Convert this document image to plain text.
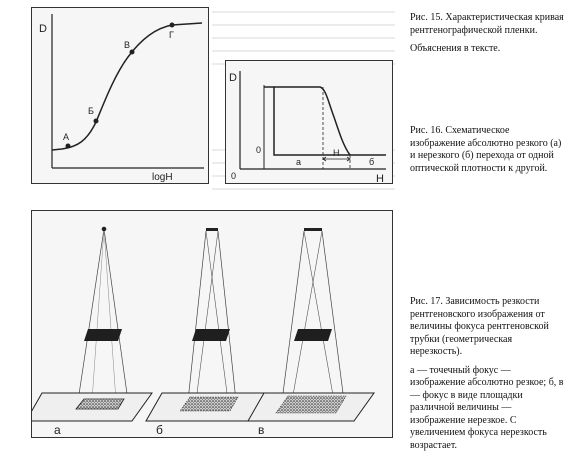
D
logH
А
Б
В
Г
D
H
0
0
а	б
Н
а	б	в

Рис. 15. Характеристическая кривая рентгенографической пленки.

Объяснения в тексте.

Рис. 16. Схематическое изображение абсолютно резкого (а) и нерезкого (б) перехода от одной оптической плотности к другой.

Рис. 17. Зависимость резкости рентгеновского изображения от величины фокуса рентгеновской трубки (геометрическая нерезкость).

а — точечный фокус — изображение абсолютно резкое; б, в — фокус в виде площадки различной величины — изображение нерезкое. С увеличением фокуса нерезкость возрастает.
